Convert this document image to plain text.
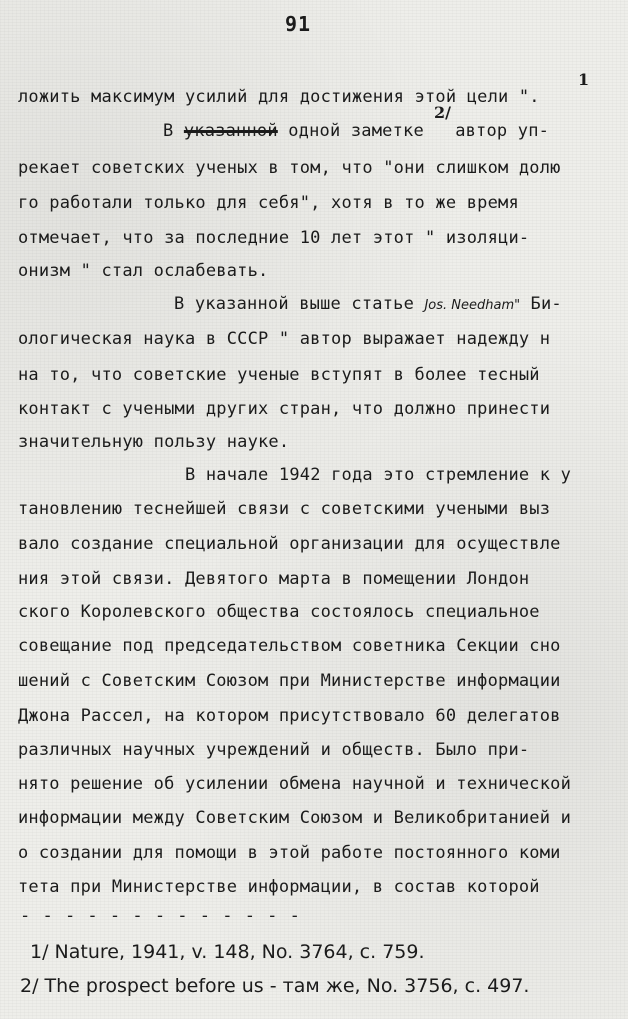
91
1
2/
ложить максимум усилий для достижения этой цели ".
В указанной одной заметке   автор уп-
рекает советских ученых в том, что "они слишком долю
го работали только для себя", хотя в то же время
отмечает, что за последние 10 лет этот " изоляци-
онизм " стал ослабевать.
В указанной выше статье Jos. Needham" Би-
ологическая наука в СССР " автор выражает надежду н
на то, что советские ученые вступят в более тесный
контакт с учеными других стран, что должно принести
значительную пользу науке.
В начале 1942 года это стремление к у
тановлению теснейшей связи с советскими учеными выз
вало создание специальной организации для осуществле
ния этой связи. Девятого марта в помещении Лондон
ского Королевского общества состоялось специальное
совещание под председательством советника Секции сно
шений с Советским Союзом при Министерстве информации
Джона Рассел, на котором присутствовало 60 делегатов
различных научных учреждений и обществ. Было при-
нято решение об усилении обмена научной и технической
информации между Советским Союзом и Великобританией и
о создании для помощи в этой работе постоянного коми
тета при Министерстве информации, в состав которой
- - - - - - - - - - - - -
1/ Nature, 1941, v. 148, No. 3764, c. 759.
2/ The prospect before us - там же, No. 3756, c. 497.
